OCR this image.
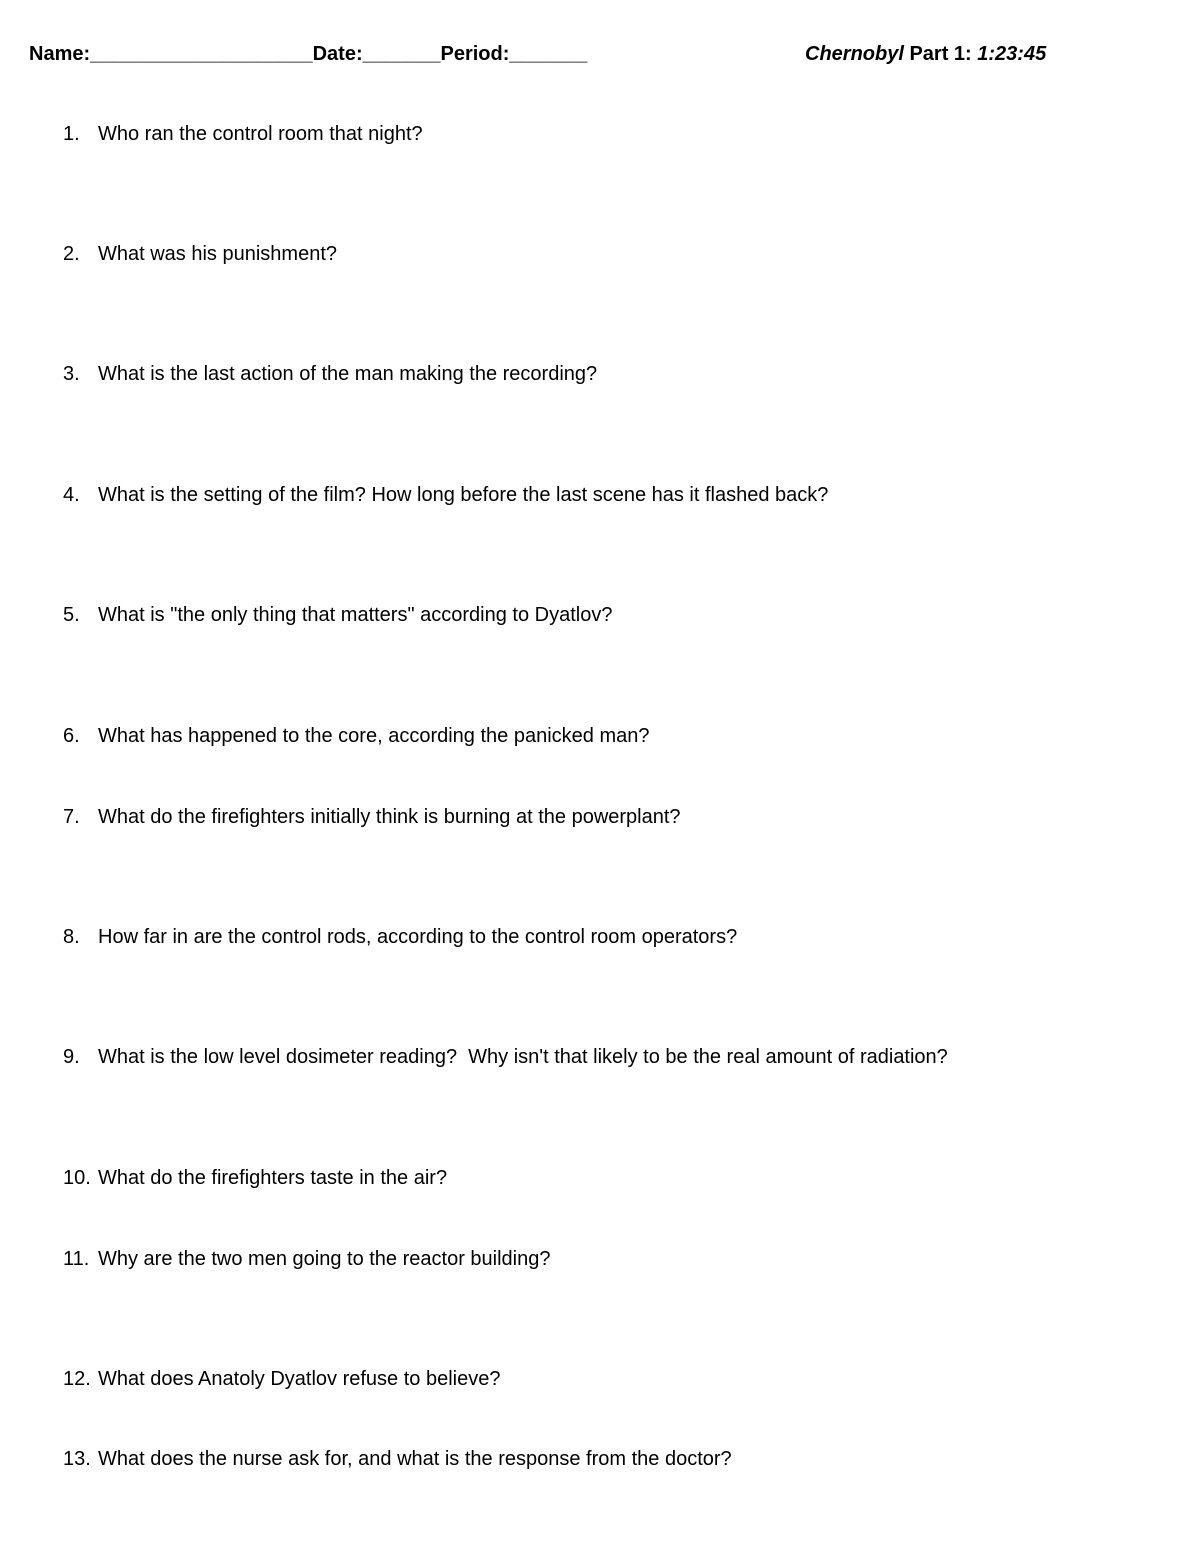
Name:____________________Date:_______Period:_______	Chernobyl Part 1: 1:23:45
1. Who ran the control room that night?
2. What was his punishment?
3. What is the last action of the man making the recording?
4. What is the setting of the film? How long before the last scene has it flashed back?
5. What is "the only thing that matters" according to Dyatlov?
6. What has happened to the core, according the panicked man?
7. What do the firefighters initially think is burning at the powerplant?
8. How far in are the control rods, according to the control room operators?
9. What is the low level dosimeter reading?  Why isn't that likely to be the real amount of radiation?
10. What do the firefighters taste in the air?
11. Why are the two men going to the reactor building?
12. What does Anatoly Dyatlov refuse to believe?
13. What does the nurse ask for, and what is the response from the doctor?
